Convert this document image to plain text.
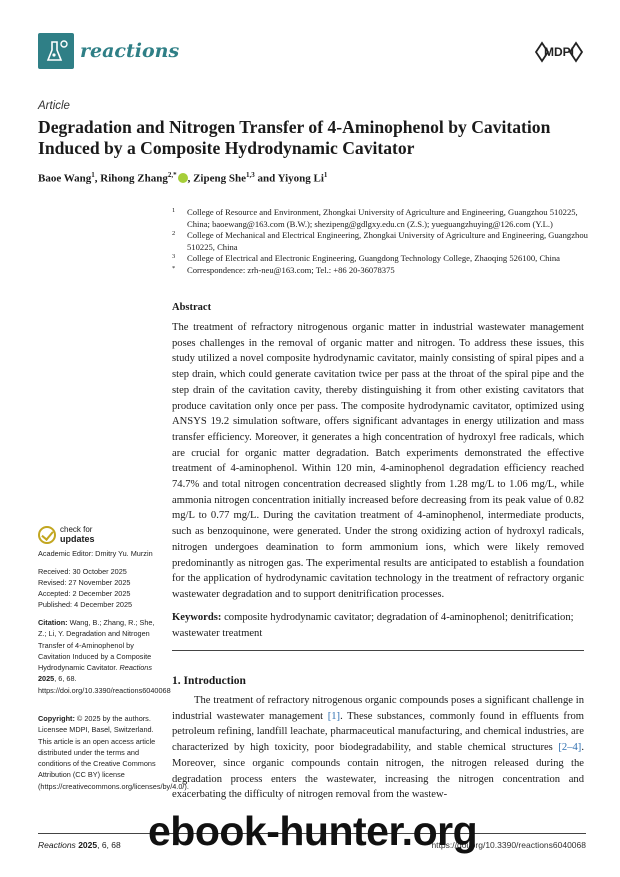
reactions	MDPI
Article
Degradation and Nitrogen Transfer of 4-Aminophenol by Cavitation Induced by a Composite Hydrodynamic Cavitator
Baoe Wang$^1$, Rihong Zhang$^{2,*}$ , Zipeng She$^{1,3}$ and Yiyong Li$^1$
1 College of Resource and Environment, Zhongkai University of Agriculture and Engineering, Guangzhou 510225, China; baoewang@163.com (B.W.); shezipeng@gdlgxy.edu.cn (Z.S.); yueguangzhuying@126.com (Y.L.)
2 College of Mechanical and Electrical Engineering, Zhongkai University of Agriculture and Engineering, Guangzhou 510225, China
3 College of Electrical and Electronic Engineering, Guangdong Technology College, Zhaoqing 526100, China
* Correspondence: zrh-neu@163.com; Tel.: +86 20-36078375
Abstract
The treatment of refractory nitrogenous organic matter in industrial wastewater management poses challenges in the removal of organic matter and nitrogen. To address these issues, this study utilized a novel composite hydrodynamic cavitator, mainly consisting of spiral pipes and a step drain, which could generate cavitation twice per pass at the throat of the spiral pipe and the step drain of the cavitation cavity, thereby distinguishing it from other existing cavitators that produce cavitation only once per pass. The composite hydrodynamic cavitator, optimized using ANSYS 19.2 simulation software, offers significant advantages in energy utilization and mass transfer efficiency. Moreover, it generates a high concentration of hydroxyl free radicals, which are crucial for organic matter degradation. Batch experiments demonstrated the effective treatment of 4-aminophenol. Within 120 min, 4-aminophenol degradation efficiency reached 74.7% and total nitrogen concentration decreased slightly from 1.28 mg/L to 1.06 mg/L, while ammonia nitrogen concentration initially increased before decreasing from its peak value of 0.82 mg/L to 0.77 mg/L. During the cavitation treatment of 4-aminophenol, intermediate products, such as benzoquinone, were generated. Under the strong oxidizing action of hydroxyl radicals, nitrogen undergoes deamination to form ammonium ions, which were likely removed predominantly as nitrogen gas. The experimental results are anticipated to establish a foundation for the application of hydrodynamic cavitation technology in the treatment of refractory organic wastewater degradation and to support denitrification processes.
Keywords: composite hydrodynamic cavitator; degradation of 4-aminophenol; denitrification; wastewater treatment
1. Introduction
The treatment of refractory nitrogenous organic compounds poses a significant challenge in industrial wastewater management [1]. These substances, commonly found in effluents from petroleum refining, landfill leachate, pharmaceutical manufacturing, and chemical industries, are characterized by high toxicity, poor biodegradability, and stable chemical structures [2–4]. Moreover, since organic compounds contain nitrogen, the nitrogen released during the degradation process enters the wastewater, increasing the nitrogen concentration and exacerbating the difficulty of nitrogen removal from the wastew-
check for
updates
Academic Editor: Dmitry Yu. Murzin
Received: 30 October 2025
Revised: 27 November 2025
Accepted: 2 December 2025
Published: 4 December 2025
Citation: Wang, B.; Zhang, R.; She, Z.; Li, Y. Degradation and Nitrogen Transfer of 4-Aminophenol by Cavitation Induced by a Composite Hydrodynamic Cavitator. Reactions 2025, 6, 68. https://doi.org/10.3390/reactions6040068
Copyright: © 2025 by the authors. Licensee MDPI, Basel, Switzerland. This article is an open access article distributed under the terms and conditions of the Creative Commons Attribution (CC BY) license (https://creativecommons.org/licenses/by/4.0/).
Reactions 2025, 6, 68	https://doi.org/10.3390/reactions6040068
ebook-hunter.org
